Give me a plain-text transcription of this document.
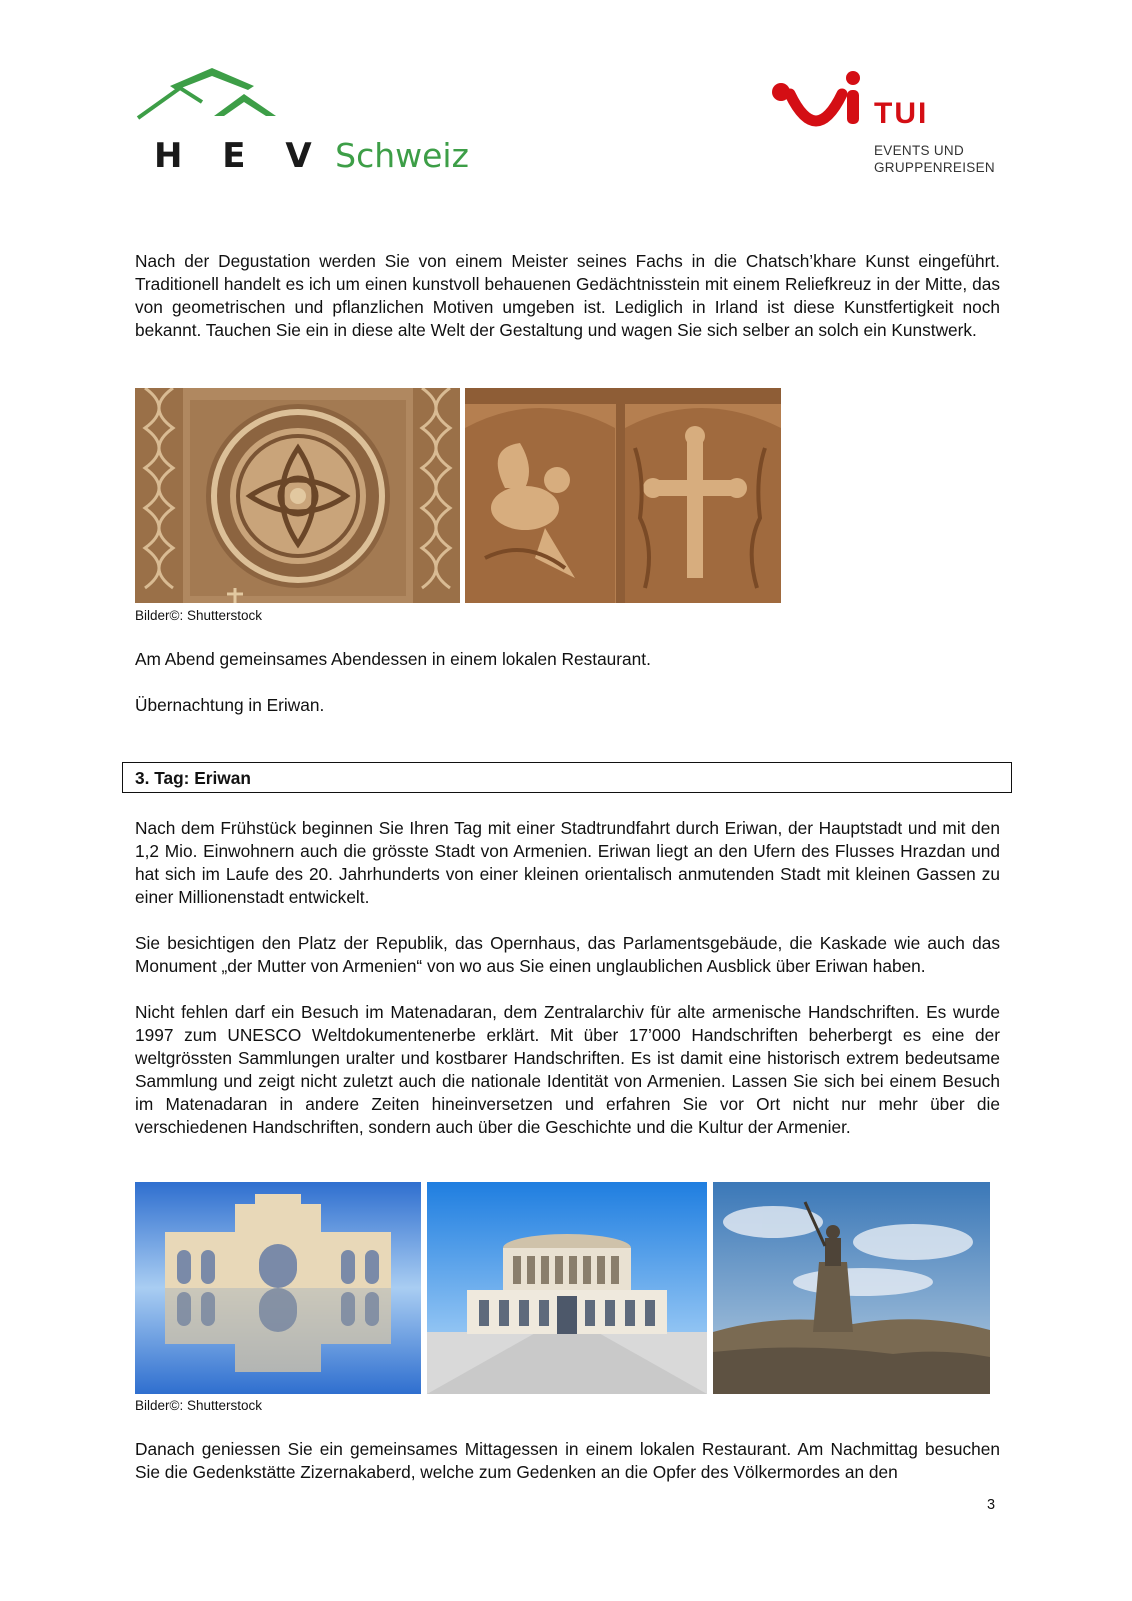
H E V Schweiz
TUI
EVENTS UND
GRUPPENREISEN

Nach der Degustation werden Sie von einem Meister seines Fachs in die Chatsch’khare Kunst eingeführt. Traditionell handelt es ich um einen kunstvoll behauenen Gedächtnisstein mit einem Reliefkreuz in der Mitte, das von geometrischen und pflanzlichen Motiven umgeben ist. Lediglich in Irland ist diese Kunstfertigkeit noch bekannt. Tauchen Sie ein in diese alte Welt der Gestaltung und wagen Sie sich selber an solch ein Kunstwerk.

Bilder©: Shutterstock

Am Abend gemeinsames Abendessen in einem lokalen Restaurant.

Übernachtung in Eriwan.

3. Tag: Eriwan

Nach dem Frühstück beginnen Sie Ihren Tag mit einer Stadtrundfahrt durch Eriwan, der Hauptstadt und mit den 1,2 Mio. Einwohnern auch die grösste Stadt von Armenien. Eriwan liegt an den Ufern des Flusses Hrazdan und hat sich im Laufe des 20. Jahrhunderts von einer kleinen orientalisch anmutenden Stadt mit kleinen Gassen zu einer Millionenstadt entwickelt.

Sie besichtigen den Platz der Republik, das Opernhaus, das Parlamentsgebäude, die Kaskade wie auch das Monument „der Mutter von Armenien“ von wo aus Sie einen unglaublichen Ausblick über Eriwan haben.

Nicht fehlen darf ein Besuch im Matenadaran, dem Zentralarchiv für alte armenische Handschriften. Es wurde 1997 zum UNESCO Weltdokumentenerbe erklärt. Mit über 17’000 Handschriften beherbergt es eine der weltgrössten Sammlungen uralter und kostbarer Handschriften. Es ist damit eine historisch extrem bedeutsame Sammlung und zeigt nicht zuletzt auch die nationale Identität von Armenien. Lassen Sie sich bei einem Besuch im Matenadaran in andere Zeiten hineinversetzen und erfahren Sie vor Ort nicht nur mehr über die verschiedenen Handschriften, sondern auch über die Geschichte und die Kultur der Armenier.

Bilder©: Shutterstock

Danach geniessen Sie ein gemeinsames Mittagessen in einem lokalen Restaurant. Am Nachmittag besuchen Sie die Gedenkstätte Zizernakaberd, welche zum Gedenken an die Opfer des Völkermordes an den

3
